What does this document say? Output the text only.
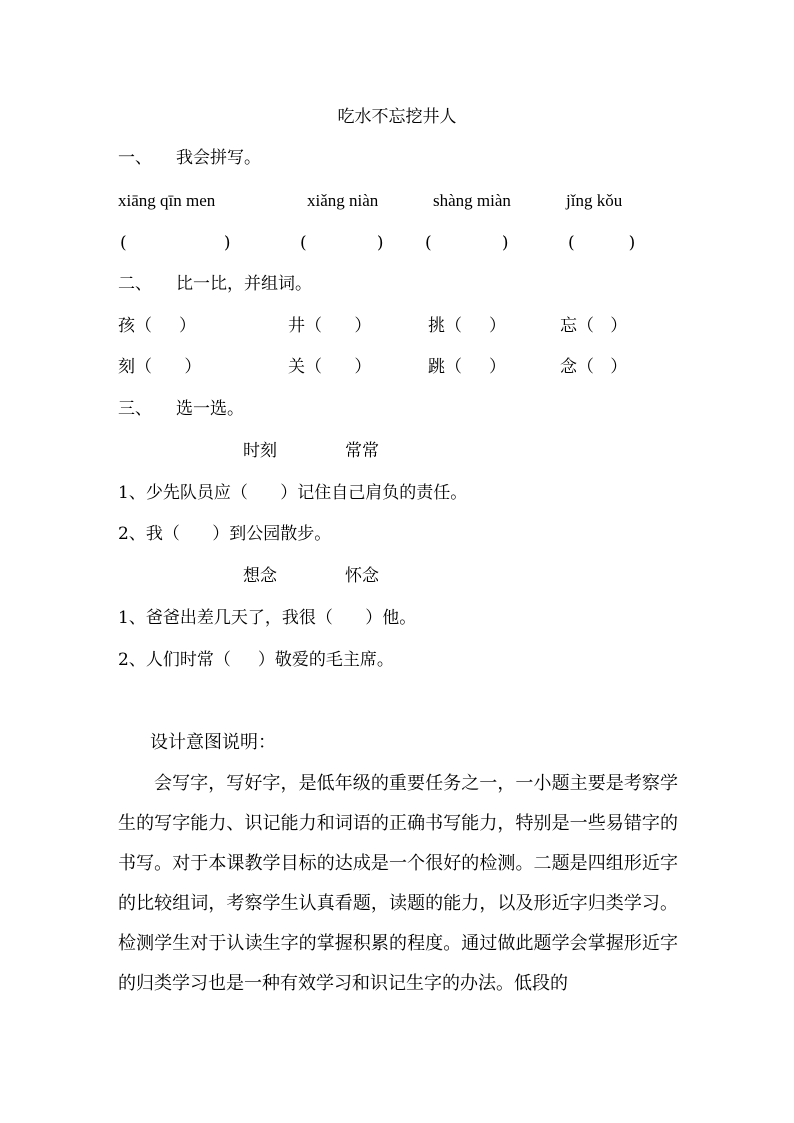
吃水不忘挖井人
一、 我会拼写。
xiāng qīn men	xiǎng niàn	shàng miàn	jǐng kǒu
(                  )	(             ) (             )	(          )
二、 比一比，并组词。
孩（     ）	井（      ）	挑（     ）	忘（   ）
刻（      ）	关（      ）	跳（     ）	念（   ）
三、 选一选。
时刻	常常
1、少先队员应（      ）记住自己肩负的责任。
2、我（      ）到公园散步。
想念	怀念
1、爸爸出差几天了，我很（      ）他。
2、人们时常（     ）敬爱的毛主席。
设计意图说明：
会写字，写好字，是低年级的重要任务之一，一小题主要是考察学生的写字能力、识记能力和词语的正确书写能力，特别是一些易错字的书写。对于本课教学目标的达成是一个很好的检测。二题是四组形近字的比较组词，考察学生认真看题，读题的能力，以及形近字归类学习。检测学生对于认读生字的掌握积累的程度。通过做此题学会掌握形近字的归类学习也是一种有效学习和识记生字的办法。低段的
